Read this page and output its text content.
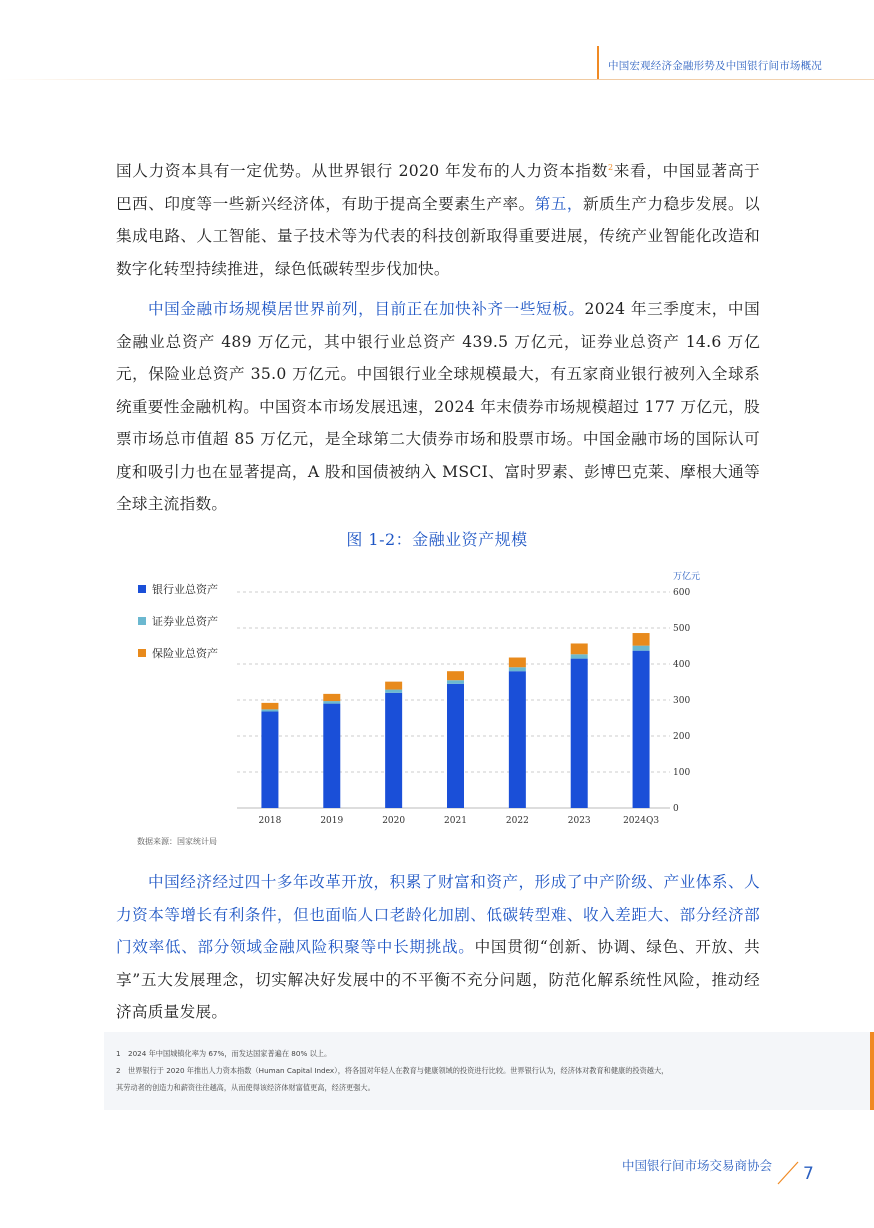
中国宏观经济金融形势及中国银行间市场概况
国人力资本具有一定优势。从世界银行 2020 年发布的人力资本指数$^2$来看，中国显著高于巴西、印度等一些新兴经济体，有助于提高全要素生产率。第五，新质生产力稳步发展。以集成电路、人工智能、量子技术等为代表的科技创新取得重要进展，传统产业智能化改造和数字化转型持续推进，绿色低碳转型步伐加快。
中国金融市场规模居世界前列，目前正在加快补齐一些短板。2024 年三季度末，中国金融业总资产 489 万亿元，其中银行业总资产 439.5 万亿元，证券业总资产 14.6 万亿元，保险业总资产 35.0 万亿元。中国银行业全球规模最大，有五家商业银行被列入全球系统重要性金融机构。中国资本市场发展迅速，2024 年末债券市场规模超过 177 万亿元，股票市场总市值超 85 万亿元，是全球第二大债券市场和股票市场。中国金融市场的国际认可度和吸引力也在显著提高，A 股和国债被纳入 MSCI、富时罗素、彭博巴克莱、摩根大通等全球主流指数。
图 1-2：金融业资产规模
0
100
200
300
400
500
600
万亿元
2018	2019	2020	2021	2022	2023	2024Q3
银行业总资产
证券业总资产
保险业总资产
数据来源：国家统计局
中国经济经过四十多年改革开放，积累了财富和资产，形成了中产阶级、产业体系、人力资本等增长有利条件，但也面临人口老龄化加剧、低碳转型难、收入差距大、部分经济部门效率低、部分领域金融风险积聚等中长期挑战。中国贯彻“创新、协调、绿色、开放、共享”五大发展理念，切实解决好发展中的不平衡不充分问题，防范化解系统性风险，推动经济高质量发展。
1 2024 年中国城镇化率为 67%，而发达国家普遍在 80% 以上。
2 世界银行于 2020 年推出人力资本指数（Human Capital Index），将各国对年轻人在教育与健康领域的投资进行比较。世界银行认为，经济体对教育和健康的投资越大，
其劳动者的创造力和薪资往往越高，从而使得该经济体财富值更高，经济更强大。
中国银行间市场交易商协会 7
